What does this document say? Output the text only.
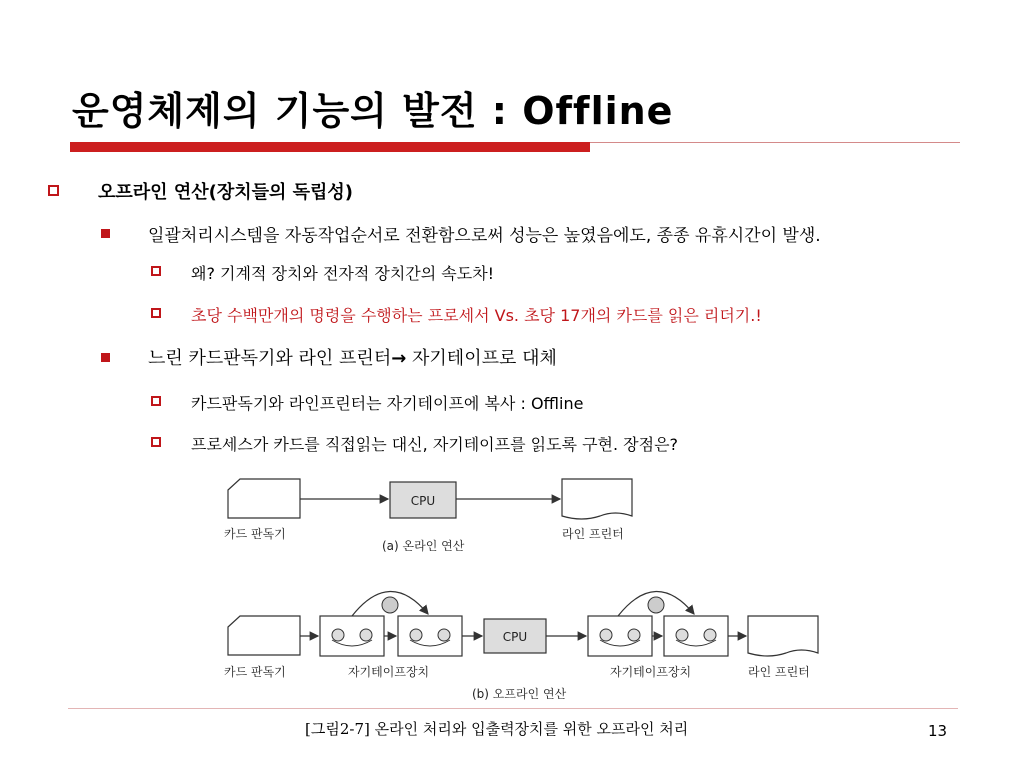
운영체제의 기능의 발전 : Offline
오프라인 연산(장치들의 독립성)
일괄처리시스템을 자동작업순서로 전환함으로써 성능은 높였음에도, 종종 유휴시간이 발생.
왜? 기계적 장치와 전자적 장치간의 속도차!
초당 수백만개의 명령을 수행하는 프로세서 Vs. 초당 17개의 카드를 읽은 리더기.!
느린 카드판독기와 라인 프린터→ 자기테이프로 대체
카드판독기와 라인프린터는 자기테이프에 복사 : Offline
프로세스가 카드를 직접읽는 대신, 자기테이프를 읽도록 구현. 장점은?
CPU
카드 판독기	라인 프린터
(a) 온라인 연산
CPU
카드 판독기	자기테이프장치	자기테이프장치	라인 프린터
(b) 오프라인 연산
[그림2-7] 온라인 처리와 입출력장치를 위한 오프라인 처리	13
